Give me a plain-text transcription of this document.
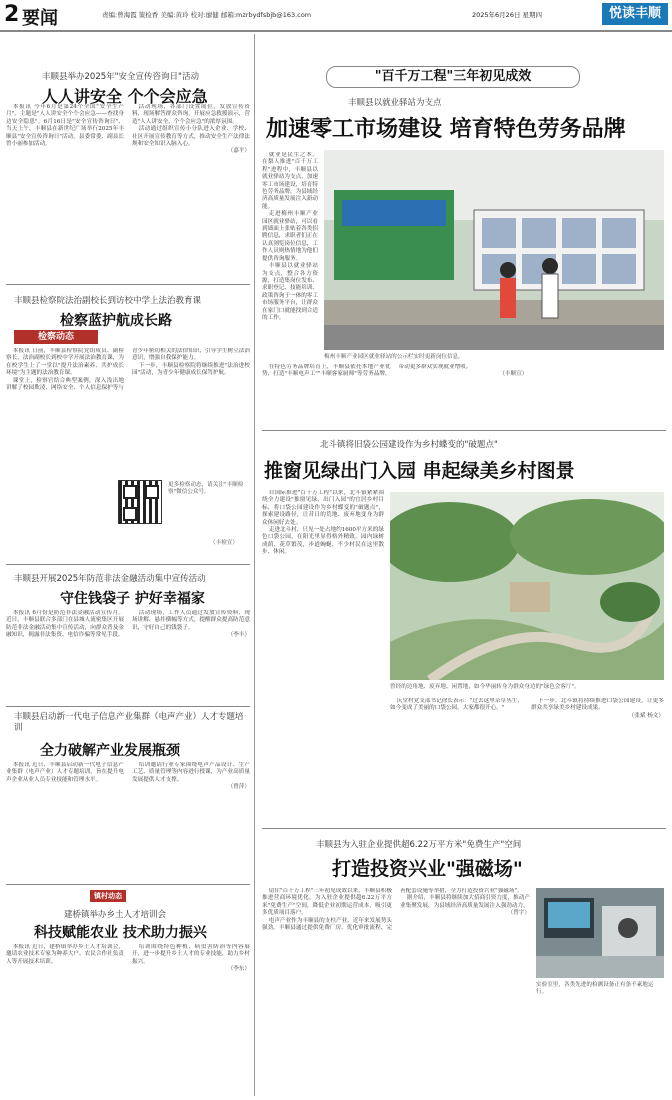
2 要闻	责编:曾海霞 策检香 美编:黄玲 校对:廖健 邮箱:mzrbydfsbjb@163.com	2025年6月26日 星期四	悦读丰顺
丰顺县举办2025年"安全宣传咨询日"活动
人人讲安全 个个会应急

本报讯 今年6月是第24个全国"安全生产月"，主题是"人人讲安全个个会应急——查找身边安全隐患"。6月16日是"安全宣传咨询日"，当天上午，丰顺县在新世纪广场举行2025年丰顺县"安全宣传咨询日"活动。县委常委、副县长曾小丽参加活动。

活动现场，各部门设置展位，发放宣传资料，现场解答群众咨询，开展应急救援演示，营造"人人讲安全、个个会应急"的浓厚氛围。

活动通过组织宣传小分队进入企业、学校、社区开展宣传教育等方式，推动安全生产法律法规和安全知识入脑入心。

（嘉平）

丰顺县检察院法治副校长到访校中学上法治教育课
检察蓝护航成长路
检察动态

本报讯 日前，丰顺县检察院党组成员、副检察长、法治副校长到校中学开展法治教育课，为在校学生上了一堂以"提升法治素养、共护成长环境"为主题的法治教育课。

课堂上，检察官结合典型案例，深入浅出地讲解了校园欺凌、网络安全、个人信息保护等与青少年密切相关的法律知识，引导学生树立法治意识，增强自我保护能力。

下一步，丰顺县检察院将继续推进"法治进校园"活动，为青少年健康成长保驾护航。

更多检察动态，请关注"丰顺检察"微信公众号。
（丰检宣）
丰顺县开展2025年防范非法金融活动集中宣传活动
守住钱袋子 护好幸福家

本报讯 6月份是防范非法金融活动宣传月。近日，丰顺县联合多部门在县城人流密集区开展防范非法金融活动集中宣传活动，向群众普及金融知识，揭露非法集资、电信诈骗等常见手段。

活动现场，工作人员通过发放宣传资料、现场讲解、悬挂横幅等方式，提醒群众提高防范意识，守好自己的钱袋子。

（李丰）

丰顺县启动新一代电子信息产业集群（电声产业）人才专题培训
全力破解产业发展瓶颈

本报讯 近日，丰顺县启动新一代电子信息产业集群（电声产业）人才专题培训，旨在提升电声企业从业人员专业技能和管理水平。

培训邀请行业专家围绕电声产品设计、生产工艺、质量管理等内容进行授课，为产业高质量发展提供人才支撑。

（曾萍）

镇村动态
建桥镇举办乡土人才培训会
科技赋能农业 技术助力振兴

本报讯 近日，建桥镇举办乡土人才培训会，邀请农业技术专家为种养大户、农民合作社负责人等开展技术培训。

培训围绕特色种植、病虫害防治等内容展开，进一步提升乡土人才的专业技能，助力乡村振兴。

（李东）

"百千万工程"三年初见成效
丰顺县以就业驿站为支点
加速零工市场建设 培育特色劳务品牌

就业是民生之本。在梨人推进"百千万工程"进程中，丰顺县以就业驿站为支点，加速零工市场建设，培育特色劳务品牌，为县域经济高质量发展注入新动能。

走进梅州丰顺产业园区就业驿站，可以看到墙面上张贴着各类招聘信息，求职者们正在认真浏览岗位信息，工作人员则热情地为他们提供咨询服务。

丰顺县以就业驿站为支点，整合各方资源，打造集岗位发布、求职登记、技能培训、政策咨询于一体的零工市场服务平台，让群众在家门口就能找到合适的工作。

梅州丰顺产业园区就业驿站的公示栏实时更新岗位信息。

在特色劳务品牌培育上，丰顺县依托本地产业优势，打造"丰顺电声工""丰顺客家厨师"等劳务品牌，带动更多群众实现就业增收。

（丰顺宣）

北斗镇将旧袋公园建设作为乡村蝶变的"破题点"
推窗见绿出门入园 串起绿美乡村图景

自国际推进"百千万工程"以来，北斗镇紧紧围绕全力建设"推窗见绿、出门入园"的宜居乡村目标，将口袋公园建设作为乡村蝶变的"破题点"，探索建设路径，让昔日的荒地、废弃地变身为群众休闲好去处。

走进北斗村，只见一处占地约1600平方米的绿色口袋公园，在阳光里显得格外精致。园内绿树成荫、花草繁茂，步道蜿蜒，不少村民在这里散步、休闲。

曾经的边角地、废弃地、闲置地，如今华丽转身为群众身边的"绿色会客厅"。

庆堂村党支部书记徐长表示："过去这里杂草丛生，如今变成了美丽的口袋公园，大家都很开心。"

下一步，北斗镇将持续推进口袋公园建设，让更多群众共享绿美乡村建设成果。

（张斌 杨文）

丰顺县为入驻企业提供超6.22万平方米"免费生产"空间
打造投资兴业"强磁场"

留住"百千万工程"三年初见成效以来，丰顺县积极推进营商环境优化，为入驻企业提供超6.22万平方米"免费生产"空间，降低企业初期运营成本，吸引更多优质项目落户。

电声产业作为丰顺县的支柱产业，近年来发展势头强劲。丰顺县通过提供免费厂房、优化审批流程、完善配套设施等举措，全力打造投资兴业"强磁场"。

据介绍，丰顺县将继续加大招商引资力度，推动产业集聚发展，为县域经济高质量发展注入强劲动力。

（曾宇）

实验室里，各类先进的检测设备正有条不紊地运行。
